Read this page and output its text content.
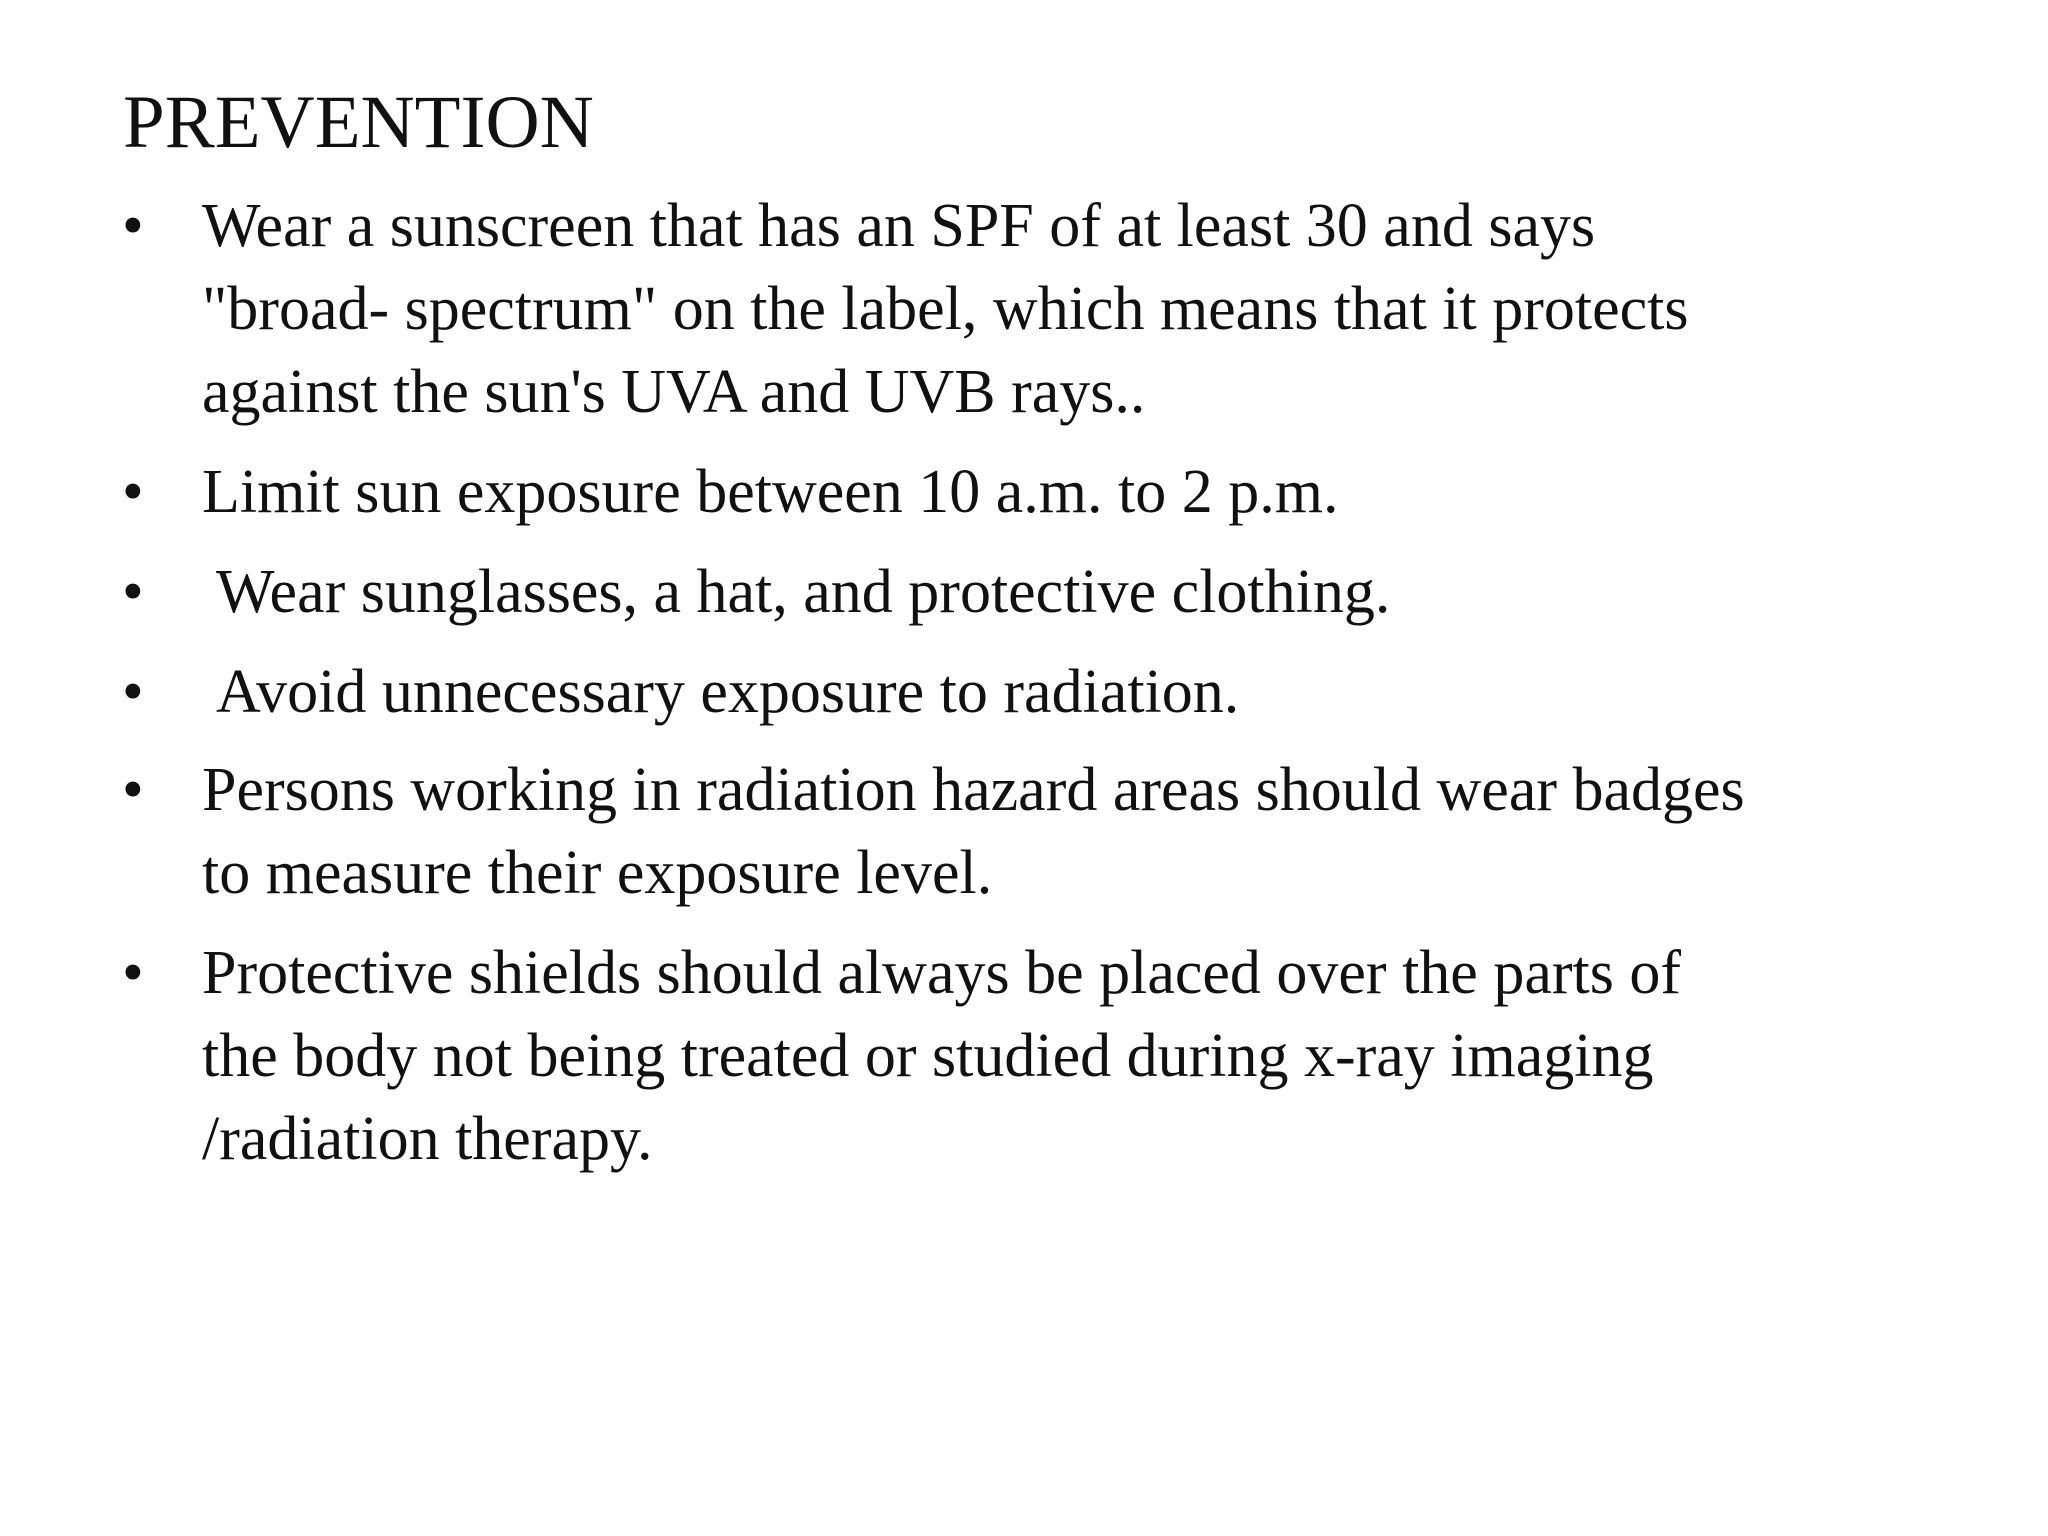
PREVENTION
• Wear a sunscreen that has an SPF of at least 30 and says
"broad- spectrum" on the label, which means that it protects
against the sun's UVA and UVB rays..
• Limit sun exposure between 10 a.m. to 2 p.m.
• Wear sunglasses, a hat, and protective clothing.
• Avoid unnecessary exposure to radiation.
• Persons working in radiation hazard areas should wear badges
to measure their exposure level.
• Protective shields should always be placed over the parts of
the body not being treated or studied during x-ray imaging
/radiation therapy.
